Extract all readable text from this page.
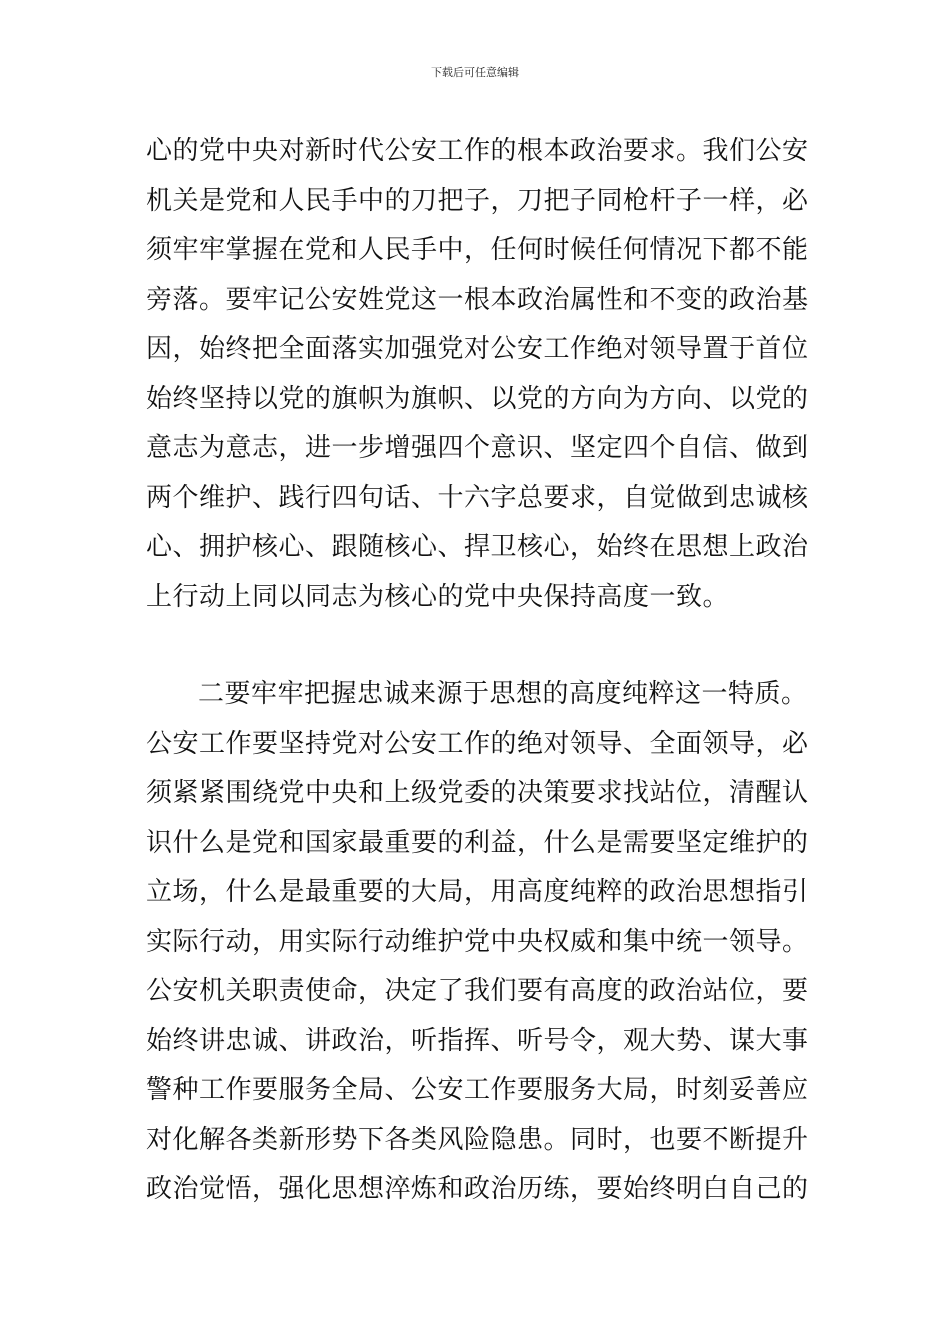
下载后可任意编辑
心的党中央对新时代公安工作的根本政治要求。我们公安
机关是党和人民手中的刀把子，刀把子同枪杆子一样，必
须牢牢掌握在党和人民手中，任何时候任何情况下都不能
旁落。要牢记公安姓党这一根本政治属性和不变的政治基
因，始终把全面落实加强党对公安工作绝对领导置于首位
始终坚持以党的旗帜为旗帜、以党的方向为方向、以党的
意志为意志，进一步增强四个意识、坚定四个自信、做到
两个维护、践行四句话、十六字总要求，自觉做到忠诚核
心、拥护核心、跟随核心、捍卫核心，始终在思想上政治
上行动上同以同志为核心的党中央保持高度一致。
二要牢牢把握忠诚来源于思想的高度纯粹这一特质。
公安工作要坚持党对公安工作的绝对领导、全面领导，必
须紧紧围绕党中央和上级党委的决策要求找站位，清醒认
识什么是党和国家最重要的利益，什么是需要坚定维护的
立场，什么是最重要的大局，用高度纯粹的政治思想指引
实际行动，用实际行动维护党中央权威和集中统一领导。
公安机关职责使命，决定了我们要有高度的政治站位，要
始终讲忠诚、讲政治，听指挥、听号令，观大势、谋大事
警种工作要服务全局、公安工作要服务大局，时刻妥善应
对化解各类新形势下各类风险隐患。同时，也要不断提升
政治觉悟，强化思想淬炼和政治历练，要始终明白自己的
